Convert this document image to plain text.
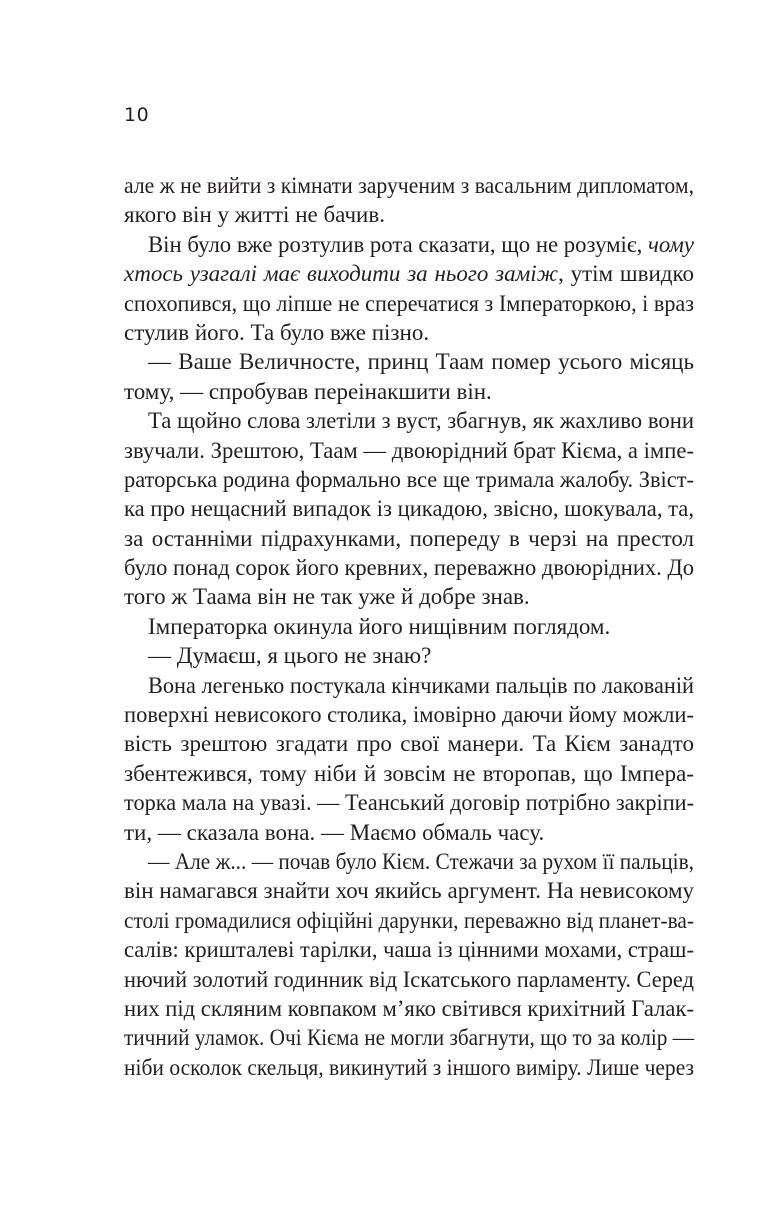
10
але ж не вийти з кімнати зарученим з васальним дипломатом,
якого він у житті не бачив.
Він було вже розтулив рота сказати, що не розуміє, чому
хтось узагалі має виходити за нього заміж, утім швидко
спохопився, що ліпше не сперечатися з Імператоркою, і враз
стулив його. Та було вже пізно.
— Ваше Величносте, принц Таам помер усього місяць
тому, — спробував переінакшити він.
Та щойно слова злетіли з вуст, збагнув, як жахливо вони
звучали. Зрештою, Таам — двоюрідний брат Кієма, а імпе-
раторська родина формально все ще тримала жалобу. Звіст-
ка про нещасний випадок із цикадою, звісно, шокувала, та,
за останніми підрахунками, попереду в черзі на престол
було понад сорок його кревних, переважно двоюрідних. До
того ж Таама він не так уже й добре знав.
Імператорка окинула його нищівним поглядом.
— Думаєш, я цього не знаю?
Вона легенько постукала кінчиками пальців по лакованій
поверхні невисокого столика, імовірно даючи йому можли-
вість зрештою згадати про свої манери. Та Кієм занадто
збентежився, тому ніби й зовсім не второпав, що Імпера-
торка мала на увазі. — Теанський договір потрібно закріпи-
ти, — сказала вона. — Маємо обмаль часу.
— Але ж... — почав було Кієм. Стежачи за рухом її пальців,
він намагався знайти хоч якийсь аргумент. На невисокому
столі громадилися офіційні дарунки, переважно від планет-ва-
салів: кришталеві тарілки, чаша із цінними мохами, страш-
нючий золотий годинник від Іскатського парламенту. Серед
них під скляним ковпаком м’яко світився крихітний Галак-
тичний уламок. Очі Кієма не могли збагнути, що то за колір —
ніби осколок скельця, викинутий з іншого виміру. Лише через
